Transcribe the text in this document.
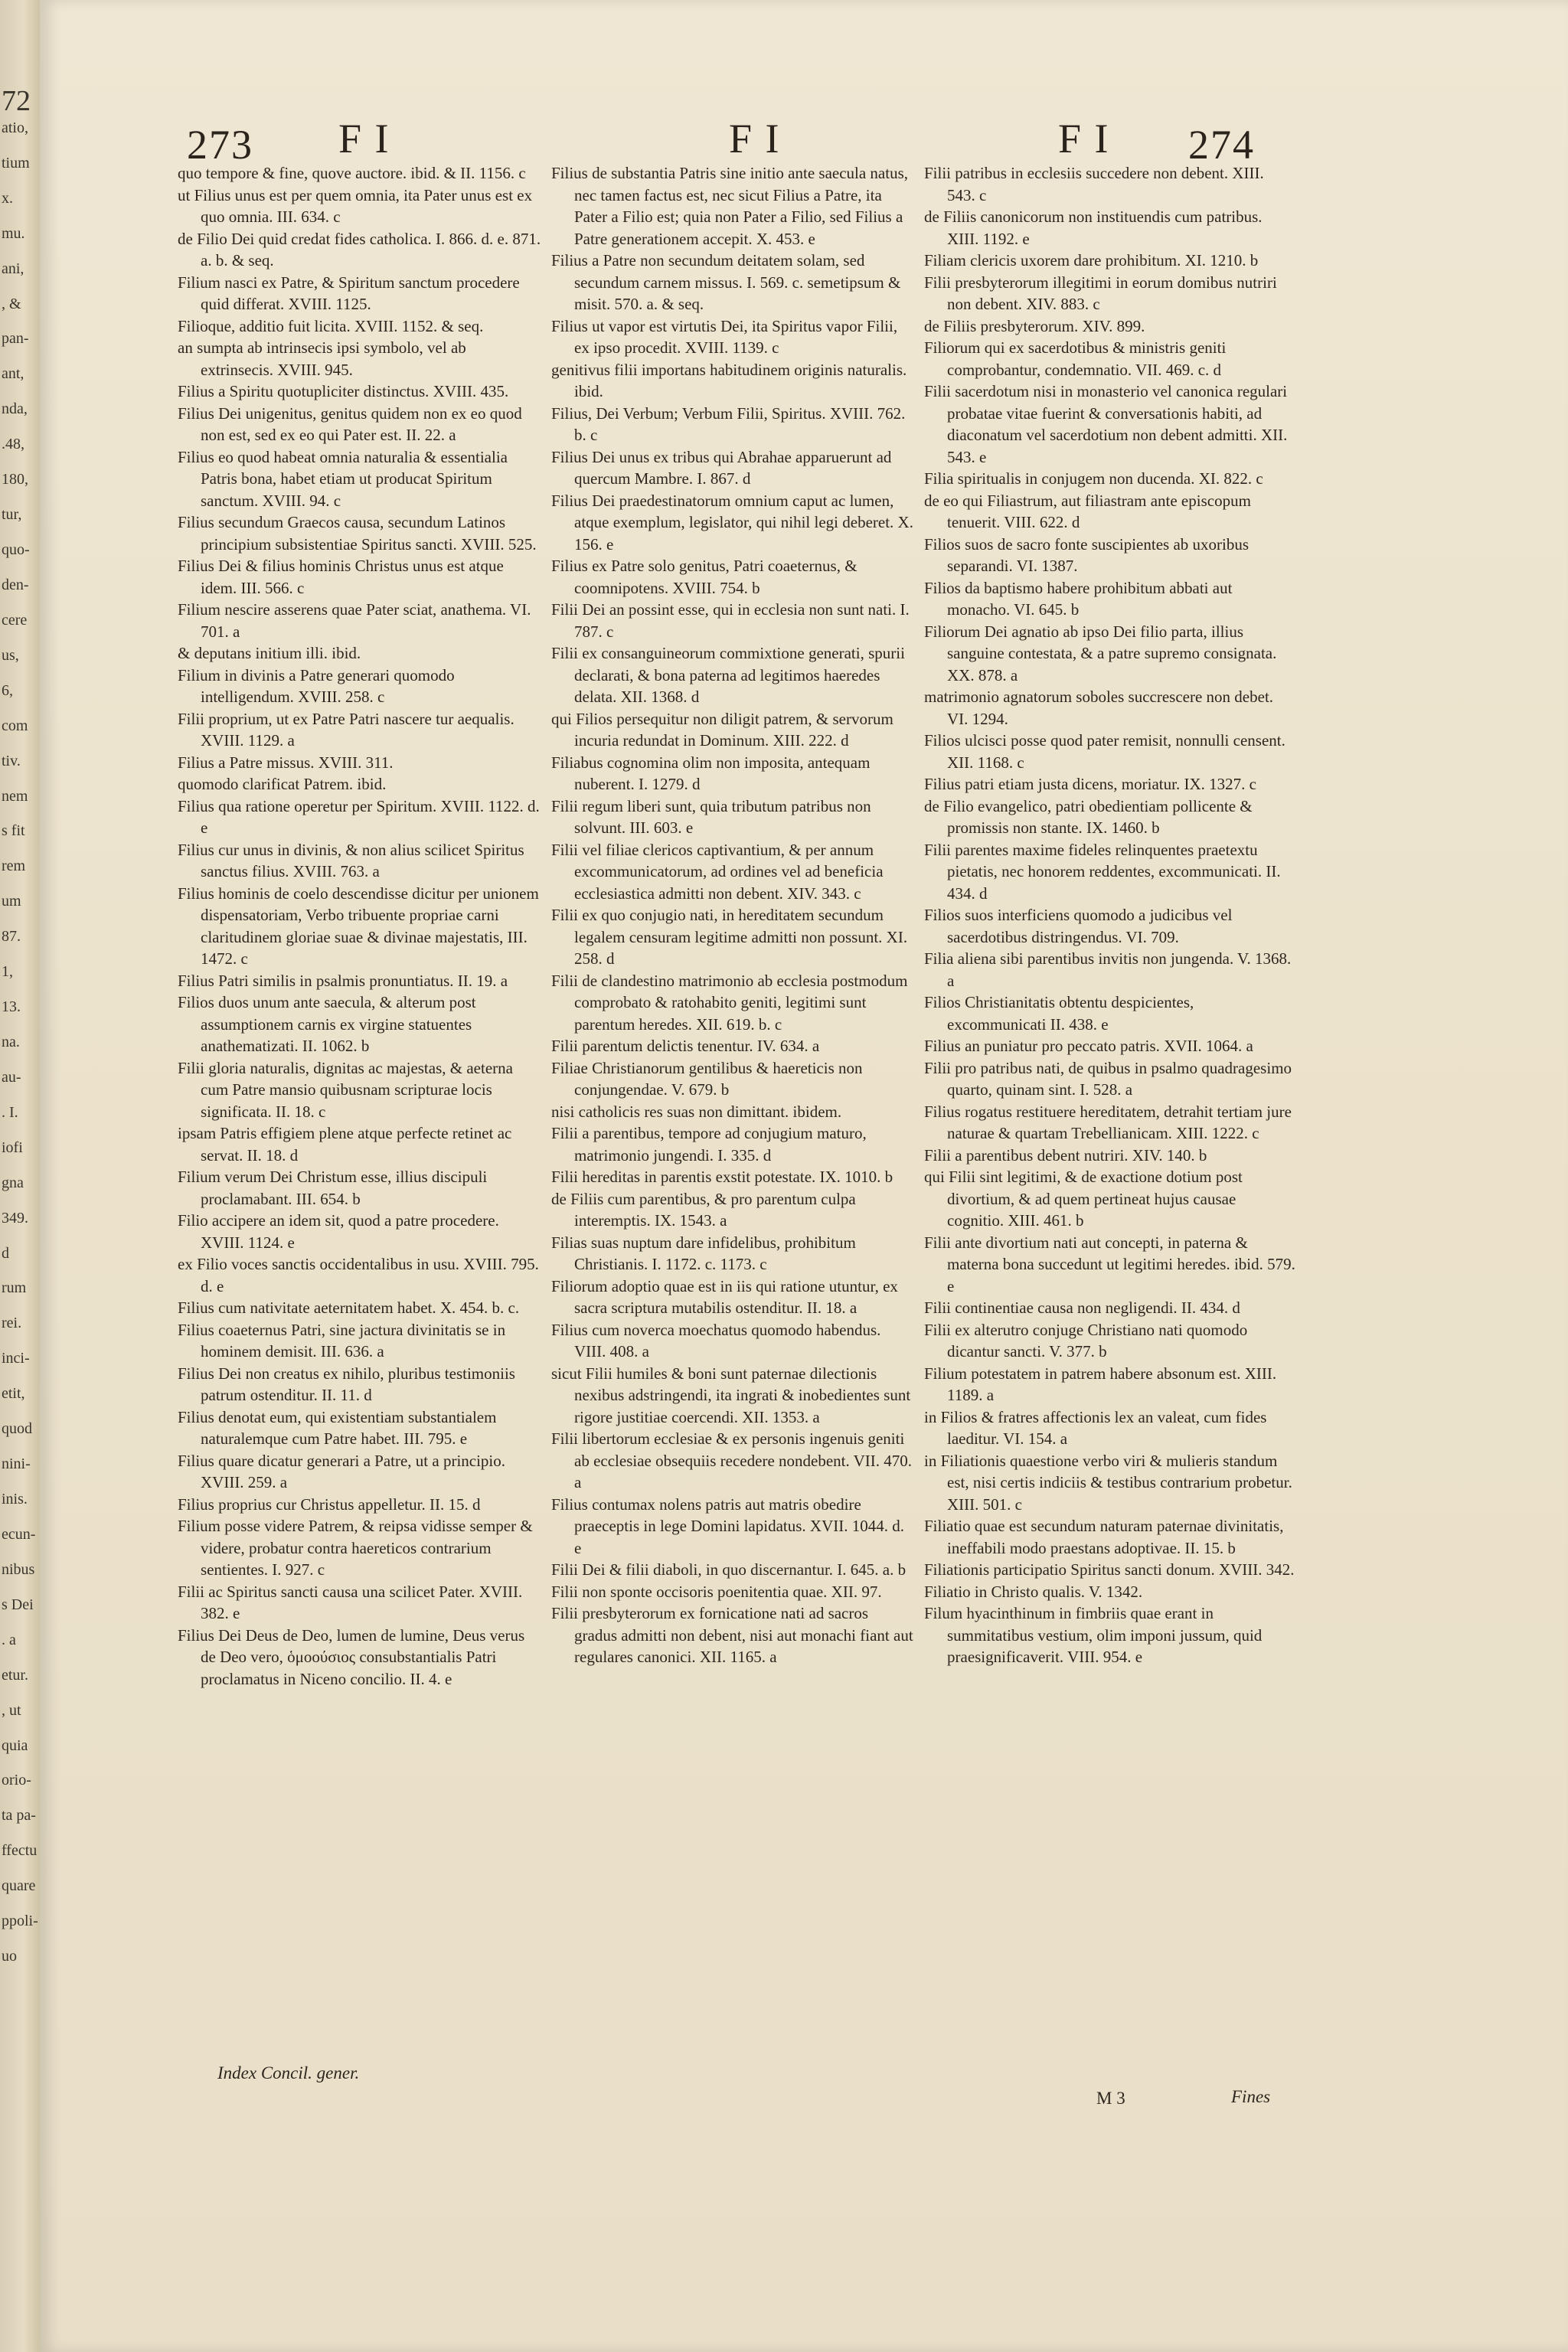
72
atio,
tium
x.
mu.
ani,
, &
pan-
ant,
nda,
.48,
180,
tur,
quo-
den-
cere
us,
6,
com
tiv.
nem
s fit
rem
um
87.
1,
13.
na.
au-
. I.
iofi
gna
349.
d
rum
rei.
inci-
etit,
quod
nini-
inis.
ecun-
nibus
s Dei
. a
etur.
, ut
quia
orio-
ta pa-
ffectu
quare
ppoli-
uo
273 F I	F I	F I 274

quo tempore & fine, quove auctore. ibid. & II. 1156. c

ut Filius unus est per quem omnia, ita Pater unus est ex quo omnia. III. 634. c

de Filio Dei quid credat fides catholica. I. 866. d. e. 871. a. b. & seq.

Filium nasci ex Patre, & Spiritum sanctum procedere quid differat. XVIII. 1125.

Filioque, additio fuit licita. XVIII. 1152. & seq.

an sumpta ab intrinsecis ipsi symbolo, vel ab extrinsecis. XVIII. 945.

Filius a Spiritu quotupliciter distinctus. XVIII. 435.

Filius Dei unigenitus, genitus quidem non ex eo quod non est, sed ex eo qui Pater est. II. 22. a

Filius eo quod habeat omnia naturalia & essentialia Patris bona, habet etiam ut producat Spiritum sanctum. XVIII. 94. c

Filius secundum Graecos causa, secundum Latinos principium subsistentiae Spiritus sancti. XVIII. 525.

Filius Dei & filius hominis Christus unus est atque idem. III. 566. c

Filium nescire asserens quae Pater sciat, anathema. VI. 701. a

& deputans initium illi. ibid.

Filium in divinis a Patre generari quomodo intelligendum. XVIII. 258. c

Filii proprium, ut ex Patre Patri nascere tur aequalis. XVIII. 1129. a

Filius a Patre missus. XVIII. 311.

quomodo clarificat Patrem. ibid.

Filius qua ratione operetur per Spiritum. XVIII. 1122. d. e

Filius cur unus in divinis, & non alius scilicet Spiritus sanctus filius. XVIII. 763. a

Filius hominis de coelo descendisse dicitur per unionem dispensatoriam, Verbo tribuente propriae carni claritudinem gloriae suae & divinae majestatis, III. 1472. c

Filius Patri similis in psalmis pronuntiatus. II. 19. a

Filios duos unum ante saecula, & alterum post assumptionem carnis ex virgine statuentes anathematizati. II. 1062. b

Filii gloria naturalis, dignitas ac majestas, & aeterna cum Patre mansio quibusnam scripturae locis significata. II. 18. c

ipsam Patris effigiem plene atque perfecte retinet ac servat. II. 18. d

Filium verum Dei Christum esse, illius discipuli proclamabant. III. 654. b

Filio accipere an idem sit, quod a patre procedere. XVIII. 1124. e

ex Filio voces sanctis occidentalibus in usu. XVIII. 795. d. e

Filius cum nativitate aeternitatem habet. X. 454. b. c.

Filius coaeternus Patri, sine jactura divinitatis se in hominem demisit. III. 636. a

Filius Dei non creatus ex nihilo, pluribus testimoniis patrum ostenditur. II. 11. d

Filius denotat eum, qui existentiam substantialem naturalemque cum Patre habet. III. 795. e

Filius quare dicatur generari a Patre, ut a principio. XVIII. 259. a

Filius proprius cur Christus appelletur. II. 15. d

Filium posse videre Patrem, & reipsa vidisse semper & videre, probatur contra haereticos contrarium sentientes. I. 927. c

Filii ac Spiritus sancti causa una scilicet Pater. XVIII. 382. e

Filius Dei Deus de Deo, lumen de lumine, Deus verus de Deo vero, ὁμοούσιος consubstantialis Patri proclamatus in Niceno concilio. II. 4. e

Filius de substantia Patris sine initio ante saecula natus, nec tamen factus est, nec sicut Filius a Patre, ita Pater a Filio est; quia non Pater a Filio, sed Filius a Patre generationem accepit. X. 453. e

Filius a Patre non secundum deitatem solam, sed secundum carnem missus. I. 569. c. semetipsum & misit. 570. a. & seq.

Filius ut vapor est virtutis Dei, ita Spiritus vapor Filii, ex ipso procedit. XVIII. 1139. c

genitivus filii importans habitudinem originis naturalis. ibid.

Filius, Dei Verbum; Verbum Filii, Spiritus. XVIII. 762. b. c

Filius Dei unus ex tribus qui Abrahae apparuerunt ad quercum Mambre. I. 867. d

Filius Dei praedestinatorum omnium caput ac lumen, atque exemplum, legislator, qui nihil legi deberet. X. 156. e

Filius ex Patre solo genitus, Patri coaeternus, & coomnipotens. XVIII. 754. b

Filii Dei an possint esse, qui in ecclesia non sunt nati. I. 787. c

Filii ex consanguineorum commixtione generati, spurii declarati, & bona paterna ad legitimos haeredes delata. XII. 1368. d

qui Filios persequitur non diligit patrem, & servorum incuria redundat in Dominum. XIII. 222. d

Filiabus cognomina olim non imposita, antequam nuberent. I. 1279. d

Filii regum liberi sunt, quia tributum patribus non solvunt. III. 603. e

Filii vel filiae clericos captivantium, & per annum excommunicatorum, ad ordines vel ad beneficia ecclesiastica admitti non debent. XIV. 343. c

Filii ex quo conjugio nati, in hereditatem secundum legalem censuram legitime admitti non possunt. XI. 258. d

Filii de clandestino matrimonio ab ecclesia postmodum comprobato & ratohabito geniti, legitimi sunt parentum heredes. XII. 619. b. c

Filii parentum delictis tenentur. IV. 634. a

Filiae Christianorum gentilibus & haereticis non conjungendae. V. 679. b

nisi catholicis res suas non dimittant. ibidem.

Filii a parentibus, tempore ad conjugium maturo, matrimonio jungendi. I. 335. d

Filii hereditas in parentis exstit potestate. IX. 1010. b

de Filiis cum parentibus, & pro parentum culpa interemptis. IX. 1543. a

Filias suas nuptum dare infidelibus, prohibitum Christianis. I. 1172. c. 1173. c

Filiorum adoptio quae est in iis qui ratione utuntur, ex sacra scriptura mutabilis ostenditur. II. 18. a

Filius cum noverca moechatus quomodo habendus. VIII. 408. a

sicut Filii humiles & boni sunt paternae dilectionis nexibus adstringendi, ita ingrati & inobedientes sunt rigore justitiae coercendi. XII. 1353. a

Filii libertorum ecclesiae & ex personis ingenuis geniti ab ecclesiae obsequiis recedere nondebent. VII. 470. a

Filius contumax nolens patris aut matris obedire praeceptis in lege Domini lapidatus. XVII. 1044. d. e

Filii Dei & filii diaboli, in quo discernantur. I. 645. a. b

Filii non sponte occisoris poenitentia quae. XII. 97.

Filii presbyterorum ex fornicatione nati ad sacros gradus admitti non debent, nisi aut monachi fiant aut regulares canonici. XII. 1165. a

Filii patribus in ecclesiis succedere non debent. XIII. 543. c

de Filiis canonicorum non instituendis cum patribus. XIII. 1192. e

Filiam clericis uxorem dare prohibitum. XI. 1210. b

Filii presbyterorum illegitimi in eorum domibus nutriri non debent. XIV. 883. c

de Filiis presbyterorum. XIV. 899.

Filiorum qui ex sacerdotibus & ministris geniti comprobantur, condemnatio. VII. 469. c. d

Filii sacerdotum nisi in monasterio vel canonica regulari probatae vitae fuerint & conversationis habiti, ad diaconatum vel sacerdotium non debent admitti. XII. 543. e

Filia spiritualis in conjugem non ducenda. XI. 822. c

de eo qui Filiastrum, aut filiastram ante episcopum tenuerit. VIII. 622. d

Filios suos de sacro fonte suscipientes ab uxoribus separandi. VI. 1387.

Filios da baptismo habere prohibitum abbati aut monacho. VI. 645. b

Filiorum Dei agnatio ab ipso Dei filio parta, illius sanguine contestata, & a patre supremo consignata. XX. 878. a

matrimonio agnatorum soboles succrescere non debet. VI. 1294.

Filios ulcisci posse quod pater remisit, nonnulli censent. XII. 1168. c

Filius patri etiam justa dicens, moriatur. IX. 1327. c

de Filio evangelico, patri obedientiam pollicente & promissis non stante. IX. 1460. b

Filii parentes maxime fideles relinquentes praetextu pietatis, nec honorem reddentes, excommunicati. II. 434. d

Filios suos interficiens quomodo a judicibus vel sacerdotibus distringendus. VI. 709.

Filia aliena sibi parentibus invitis non jungenda. V. 1368. a

Filios Christianitatis obtentu despicientes, excommunicati II. 438. e

Filius an puniatur pro peccato patris. XVII. 1064. a

Filii pro patribus nati, de quibus in psalmo quadragesimo quarto, quinam sint. I. 528. a

Filius rogatus restituere hereditatem, detrahit tertiam jure naturae & quartam Trebellianicam. XIII. 1222. c

Filii a parentibus debent nutriri. XIV. 140. b

qui Filii sint legitimi, & de exactione dotium post divortium, & ad quem pertineat hujus causae cognitio. XIII. 461. b

Filii ante divortium nati aut concepti, in paterna & materna bona succedunt ut legitimi heredes. ibid. 579. e

Filii continentiae causa non negligendi. II. 434. d

Filii ex alterutro conjuge Christiano nati quomodo dicantur sancti. V. 377. b

Filium potestatem in patrem habere absonum est. XIII. 1189. a

in Filios & fratres affectionis lex an valeat, cum fides laeditur. VI. 154. a

in Filiationis quaestione verbo viri & mulieris standum est, nisi certis indiciis & testibus contrarium probetur. XIII. 501. c

Filiatio quae est secundum naturam paternae divinitatis, ineffabili modo praestans adoptivae. II. 15. b

Filiationis participatio Spiritus sancti donum. XVIII. 342.

Filiatio in Christo qualis. V. 1342.

Filum hyacinthinum in fimbriis quae erant in summitatibus vestium, olim imponi jussum, quid praesignificaverit. VIII. 954. e

Index Concil. gener.
M 3	Fines
